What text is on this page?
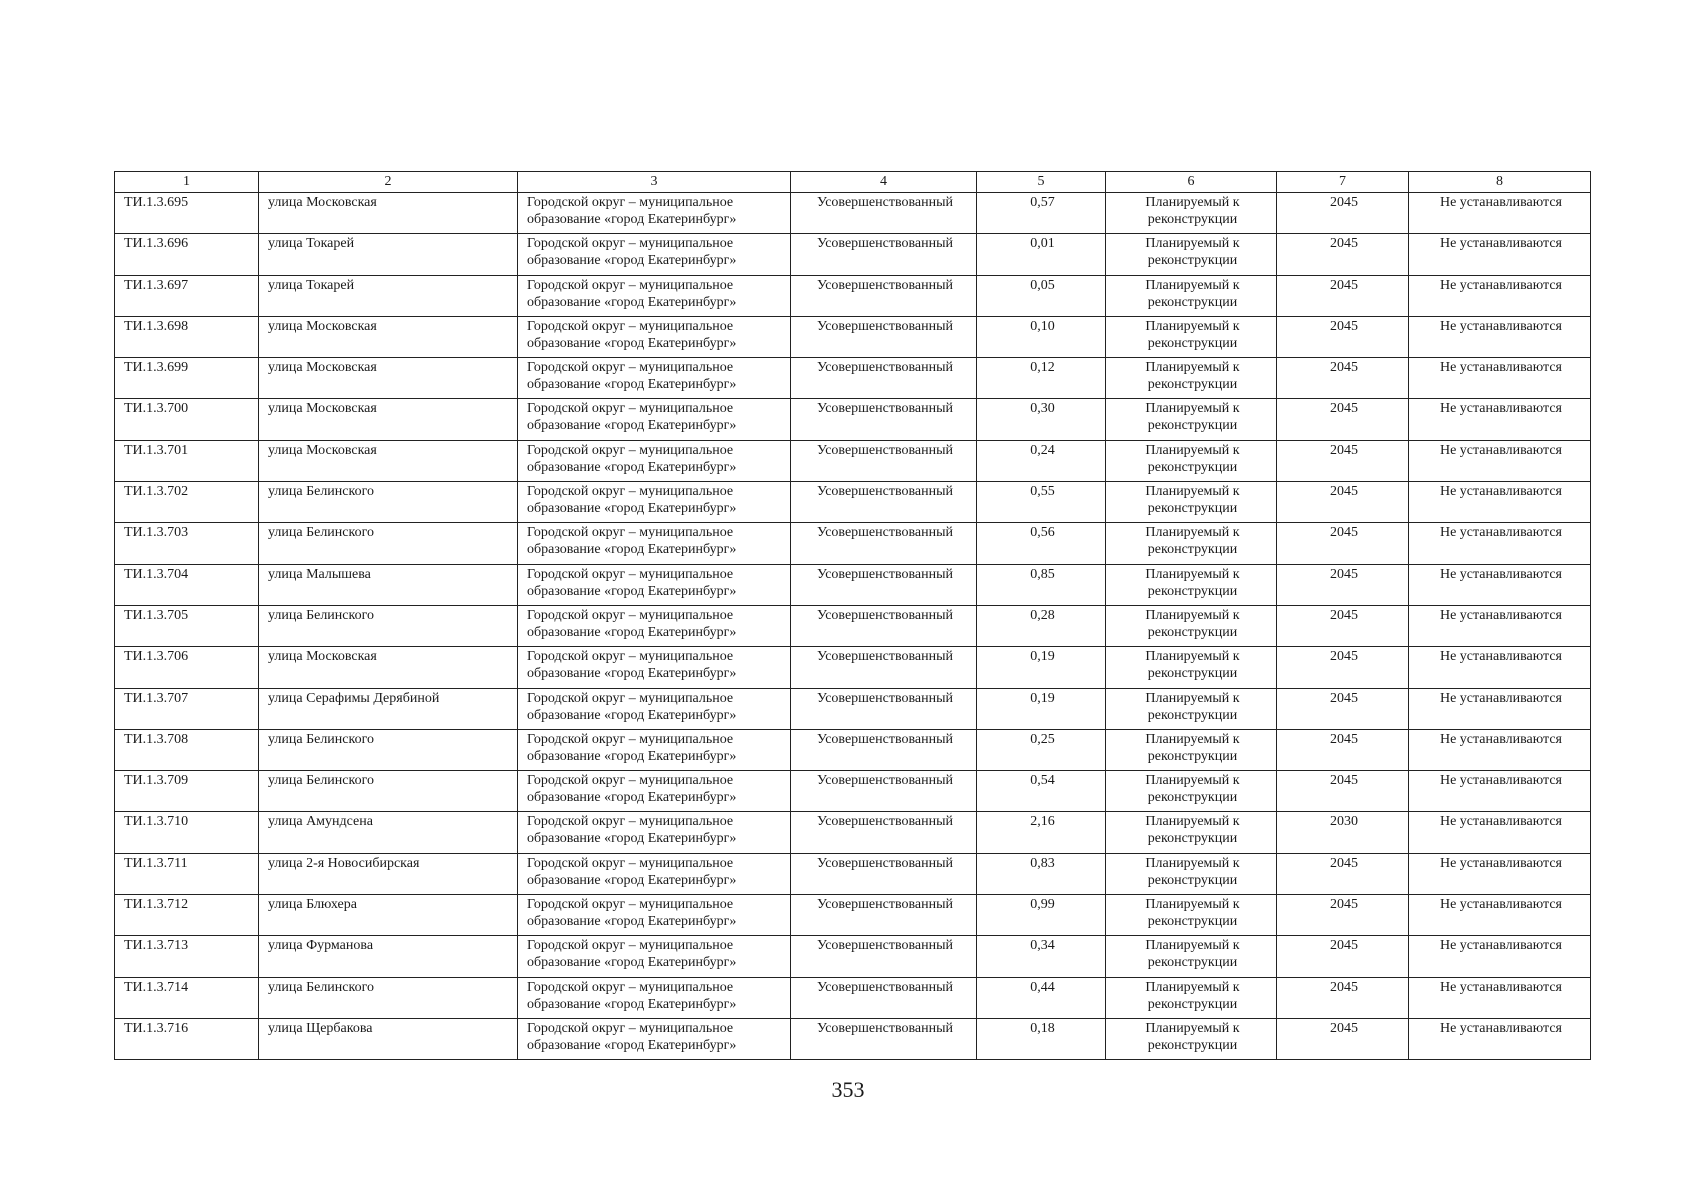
1	2	3	4	5	6	7	8
ТИ.1.3.695	улица Московская	Городской округ – муниципальное образование «город Екатеринбург»	Усовершенствованный	0,57	Планируемый к реконструкции	2045	Не устанавливаются
ТИ.1.3.696	улица Токарей	Городской округ – муниципальное образование «город Екатеринбург»	Усовершенствованный	0,01	Планируемый к реконструкции	2045	Не устанавливаются
ТИ.1.3.697	улица Токарей	Городской округ – муниципальное образование «город Екатеринбург»	Усовершенствованный	0,05	Планируемый к реконструкции	2045	Не устанавливаются
ТИ.1.3.698	улица Московская	Городской округ – муниципальное образование «город Екатеринбург»	Усовершенствованный	0,10	Планируемый к реконструкции	2045	Не устанавливаются
ТИ.1.3.699	улица Московская	Городской округ – муниципальное образование «город Екатеринбург»	Усовершенствованный	0,12	Планируемый к реконструкции	2045	Не устанавливаются
ТИ.1.3.700	улица Московская	Городской округ – муниципальное образование «город Екатеринбург»	Усовершенствованный	0,30	Планируемый к реконструкции	2045	Не устанавливаются
ТИ.1.3.701	улица Московская	Городской округ – муниципальное образование «город Екатеринбург»	Усовершенствованный	0,24	Планируемый к реконструкции	2045	Не устанавливаются
ТИ.1.3.702	улица Белинского	Городской округ – муниципальное образование «город Екатеринбург»	Усовершенствованный	0,55	Планируемый к реконструкции	2045	Не устанавливаются
ТИ.1.3.703	улица Белинского	Городской округ – муниципальное образование «город Екатеринбург»	Усовершенствованный	0,56	Планируемый к реконструкции	2045	Не устанавливаются
ТИ.1.3.704	улица Малышева	Городской округ – муниципальное образование «город Екатеринбург»	Усовершенствованный	0,85	Планируемый к реконструкции	2045	Не устанавливаются
ТИ.1.3.705	улица Белинского	Городской округ – муниципальное образование «город Екатеринбург»	Усовершенствованный	0,28	Планируемый к реконструкции	2045	Не устанавливаются
ТИ.1.3.706	улица Московская	Городской округ – муниципальное образование «город Екатеринбург»	Усовершенствованный	0,19	Планируемый к реконструкции	2045	Не устанавливаются
ТИ.1.3.707	улица Серафимы Дерябиной	Городской округ – муниципальное образование «город Екатеринбург»	Усовершенствованный	0,19	Планируемый к реконструкции	2045	Не устанавливаются
ТИ.1.3.708	улица Белинского	Городской округ – муниципальное образование «город Екатеринбург»	Усовершенствованный	0,25	Планируемый к реконструкции	2045	Не устанавливаются
ТИ.1.3.709	улица Белинского	Городской округ – муниципальное образование «город Екатеринбург»	Усовершенствованный	0,54	Планируемый к реконструкции	2045	Не устанавливаются
ТИ.1.3.710	улица Амундсена	Городской округ – муниципальное образование «город Екатеринбург»	Усовершенствованный	2,16	Планируемый к реконструкции	2030	Не устанавливаются
ТИ.1.3.711	улица 2-я Новосибирская	Городской округ – муниципальное образование «город Екатеринбург»	Усовершенствованный	0,83	Планируемый к реконструкции	2045	Не устанавливаются
ТИ.1.3.712	улица Блюхера	Городской округ – муниципальное образование «город Екатеринбург»	Усовершенствованный	0,99	Планируемый к реконструкции	2045	Не устанавливаются
ТИ.1.3.713	улица Фурманова	Городской округ – муниципальное образование «город Екатеринбург»	Усовершенствованный	0,34	Планируемый к реконструкции	2045	Не устанавливаются
ТИ.1.3.714	улица Белинского	Городской округ – муниципальное образование «город Екатеринбург»	Усовершенствованный	0,44	Планируемый к реконструкции	2045	Не устанавливаются
ТИ.1.3.716	улица Щербакова	Городской округ – муниципальное образование «город Екатеринбург»	Усовершенствованный	0,18	Планируемый к реконструкции	2045	Не устанавливаются
353
